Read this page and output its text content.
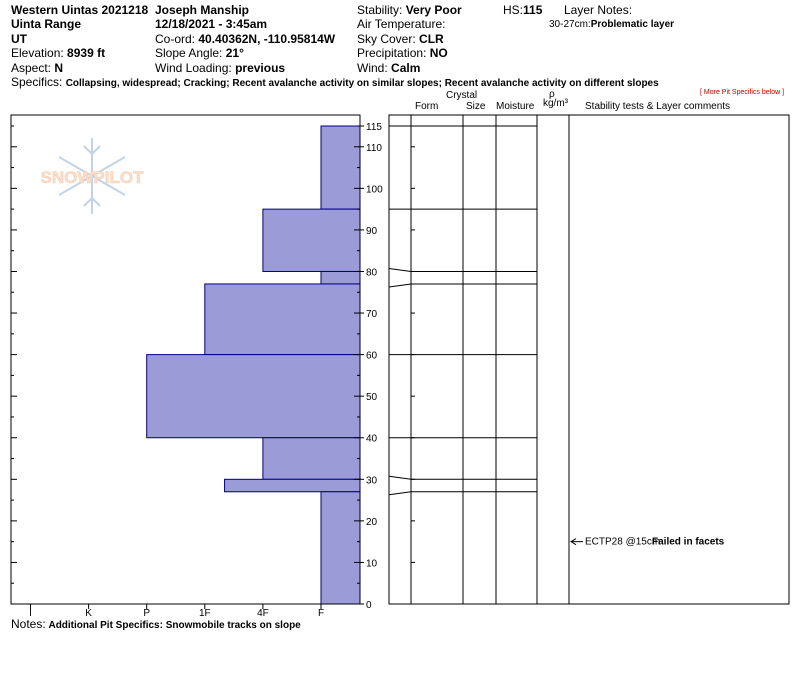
Western Uintas 2021218
Uinta Range
UT
Elevation: 8939 ft
Aspect: N
Joseph Manship
12/18/2021 - 3:45am
Co-ord: 40.40362N, -110.95814W
Slope Angle: 21°
Wind Loading: previous
Stability: Very Poor
Air Temperature:
Sky Cover: CLR
Precipitation: NO
Wind: Calm
HS:115 Layer Notes:
30-27cm:Problematic layer
Specifics: Collapsing, widespread; Cracking; Recent avalanche activity on similar slopes; Recent avalanche activity on different slopes
[ More Pit Specifics below ]
Crystal
Form	Size Moisture
ρ
kg/m³ Stability tests & Layer comments
Notes: Additional Pit Specifics: Snowmobile tracks on slope
SNOWPILOT
I	K	P	1F	4F	F
0
10
20
30
40
50
60
70
80
90
100
110
115
ECTP28 @15cm
Failed in facets
